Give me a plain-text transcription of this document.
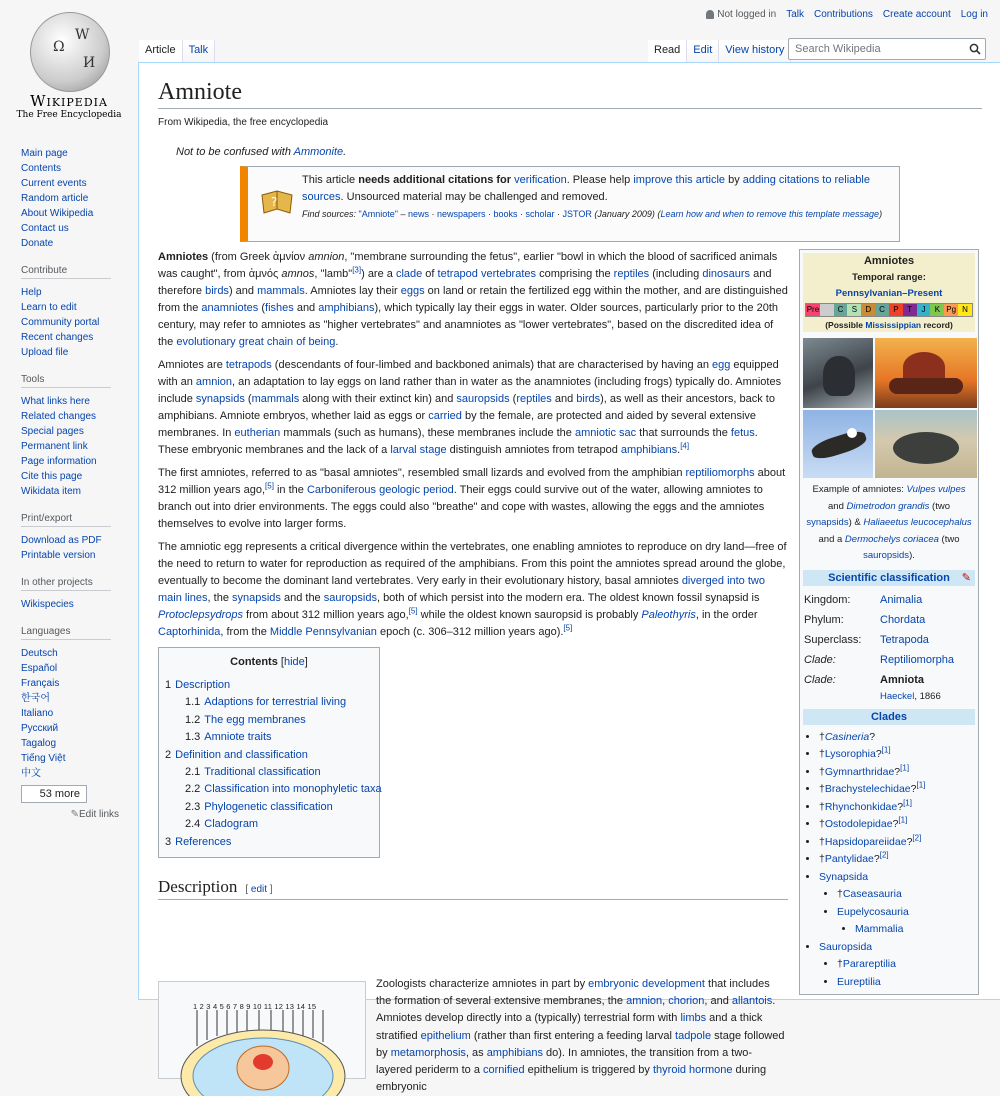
Ω
W
И
Wikipedia
The Free Encyclopedia
Main page
Contents
Current events
Random article
About Wikipedia
Contact us
Donate
Contribute
Help
Learn to edit
Community portal
Recent changes
Upload file
Tools
What links here
Related changes
Special pages
Permanent link
Page information
Cite this page
Wikidata item
Print/export
Download as PDF
Printable version
In other projects
Wikispecies
Languages
Deutsch
Español
Français
한국어
Italiano
Русский
Tagalog
Tiếng Việt
中文
53 more
✎Edit links
Not logged in Talk Contributions Create account Log in
Article	Talk	Read	Edit	View history Search Wikipedia
Amniote
From Wikipedia, the free encyclopedia
Not to be confused with Ammonite.
?
This article needs additional citations for verification. Please help improve this article by adding citations to reliable sources. Unsourced material may be challenged and removed.
Find sources: "Amniote" – news · newspapers · books · scholar · JSTOR (January 2009) (Learn how and when to remove this template message)

Amniotes (from Greek ἀμνίον amnion, "membrane surrounding the fetus", earlier "bowl in which the blood of sacrificed animals was caught", from ἀμνός amnos, "lamb"[3]) are a clade of tetrapod vertebrates comprising the reptiles (including dinosaurs and therefore birds) and mammals. Amniotes lay their eggs on land or retain the fertilized egg within the mother, and are distinguished from the anamniotes (fishes and amphibians), which typically lay their eggs in water. Older sources, particularly prior to the 20th century, may refer to amniotes as "higher vertebrates" and anamniotes as "lower vertebrates", based on the discredited idea of the evolutionary great chain of being.

Amniotes are tetrapods (descendants of four-limbed and backboned animals) that are characterised by having an egg equipped with an amnion, an adaptation to lay eggs on land rather than in water as the anamniotes (including frogs) typically do. Amniotes include synapsids (mammals along with their extinct kin) and sauropsids (reptiles and birds), as well as their ancestors, back to amphibians. Amniote embryos, whether laid as eggs or carried by the female, are protected and aided by several extensive membranes. In eutherian mammals (such as humans), these membranes include the amniotic sac that surrounds the fetus. These embryonic membranes and the lack of a larval stage distinguish amniotes from tetrapod amphibians.[4]

The first amniotes, referred to as "basal amniotes", resembled small lizards and evolved from the amphibian reptiliomorphs about 312 million years ago,[5] in the Carboniferous geologic period. Their eggs could survive out of the water, allowing amniotes to branch out into drier environments. The eggs could also "breathe" and cope with wastes, allowing the eggs and the amniotes themselves to evolve into larger forms.

The amniotic egg represents a critical divergence within the vertebrates, one enabling amniotes to reproduce on dry land—free of the need to return to water for reproduction as required of the amphibians. From this point the amniotes spread around the globe, eventually to become the dominant land vertebrates. Very early in their evolutionary history, basal amniotes diverged into two main lines, the synapsids and the sauropsids, both of which persist into the modern era. The oldest known fossil synapsid is Protoclepsydrops from about 312 million years ago,[5] while the oldest known sauropsid is probably Paleothyris, in the order Captorhinida, from the Middle Pennsylvanian epoch (c. 306–312 million years ago).[5]

Contents [hide]
1 Description
1.1 Adaptions for terrestrial living
1.2 The egg membranes
1.3 Amniote traits
2 Definition and classification
2.1 Traditional classification
2.2 Classification into monophyletic taxa
2.3 Phylogenetic classification
2.4 Cladogram
3 References
Description [ edit ]
1 2 3 4 5 6 7 8 9 10 11 12 13 14 15
Zoologists characterize amniotes in part by embryonic development that includes the formation of several extensive membranes, the amnion, chorion, and allantois. Amniotes develop directly into a (typically) terrestrial form with limbs and a thick stratified epithelium (rather than first entering a feeding larval tadpole stage followed by metamorphosis, as amphibians do). In amniotes, the transition from a two-layered periderm to a cornified epithelium is triggered by thyroid hormone during embryonic
Amniotes
Temporal range:
Pennsylvanian–Present
Pre	C	S	D	C	P	T	J	K Pg N
(Possible Mississippian record)
Example of amniotes: Vulpes vulpes
and Dimetrodon grandis (two
synapsids) & Haliaeetus leucocephalus
and a Dermochelys coriacea (two
sauropsids).
Scientific classification ✎
Kingdom:	Animalia
Phylum:	Chordata
Superclass:	Tetrapoda
Clade:	Reptiliomorpha
Clade:	Amniota
Haeckel, 1866
Clades
• †Casineria?
• †Lysorophia?[1]
• †Gymnarthridae?[1]
• †Brachystelechidae?[1]
• †Rhynchonkidae?[1]
• †Ostodolepidae?[1]
• †Hapsidopareiidae?[2]
• †Pantylidae?[2]
• Synapsida
• †Caseasauria
• Eupelycosauria
• Mammalia
• Sauropsida
• †Parareptilia
• Eureptilia
